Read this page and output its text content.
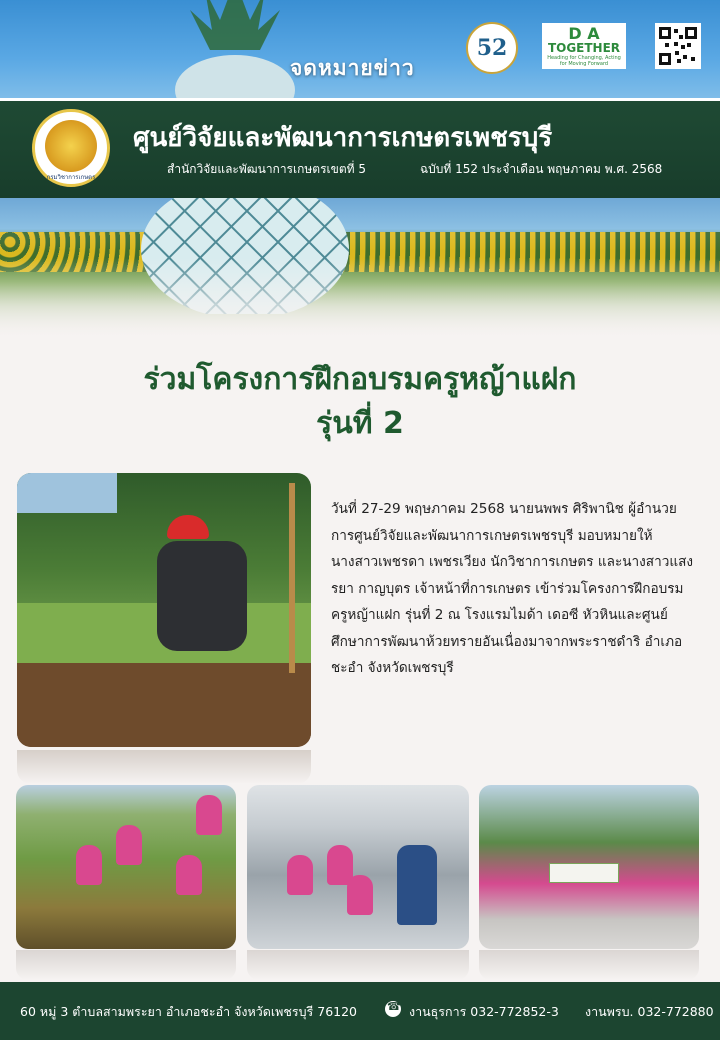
จดหมายข่าว
52
D A
TOGETHER
Heading for Changing, Acting for Moving Forward
กรมวิชาการเกษตร
ศูนย์วิจัยและพัฒนาการเกษตรเพชรบุรี
สำนักวิจัยและพัฒนาการเกษตรเขตที่ 5	ฉบับที่ 152 ประจำเดือน พฤษภาคม พ.ศ. 2568
ร่วมโครงการฝึกอบรมครูหญ้าแฝก
รุ่นที่ 2
วันที่ 27-29 พฤษภาคม 2568 นายนพพร ศิริพานิช ผู้อำนวยการศูนย์วิจัยและพัฒนาการเกษตรเพชรบุรี มอบหมายให้ นางสาวเพชรดา เพชรเวียง นักวิชาการเกษตร และนางสาวแสงรยา กาญบุตร เจ้าหน้าที่การเกษตร เข้าร่วมโครงการฝึกอบรมครูหญ้าแฝก รุ่นที่ 2 ณ โรงแรมไมด้า เดอซี หัวหินและศูนย์ศึกษาการพัฒนาห้วยทรายอันเนื่องมาจากพระราชดำริ อำเภอชะอำ จังหวัดเพชรบุรี
60 หมู่ 3 ตำบลสามพระยา อำเภอชะอำ จังหวัดเพชรบุรี 76120
☎	งานธุรการ 032-772852-3 งานพรบ. 032-772880
